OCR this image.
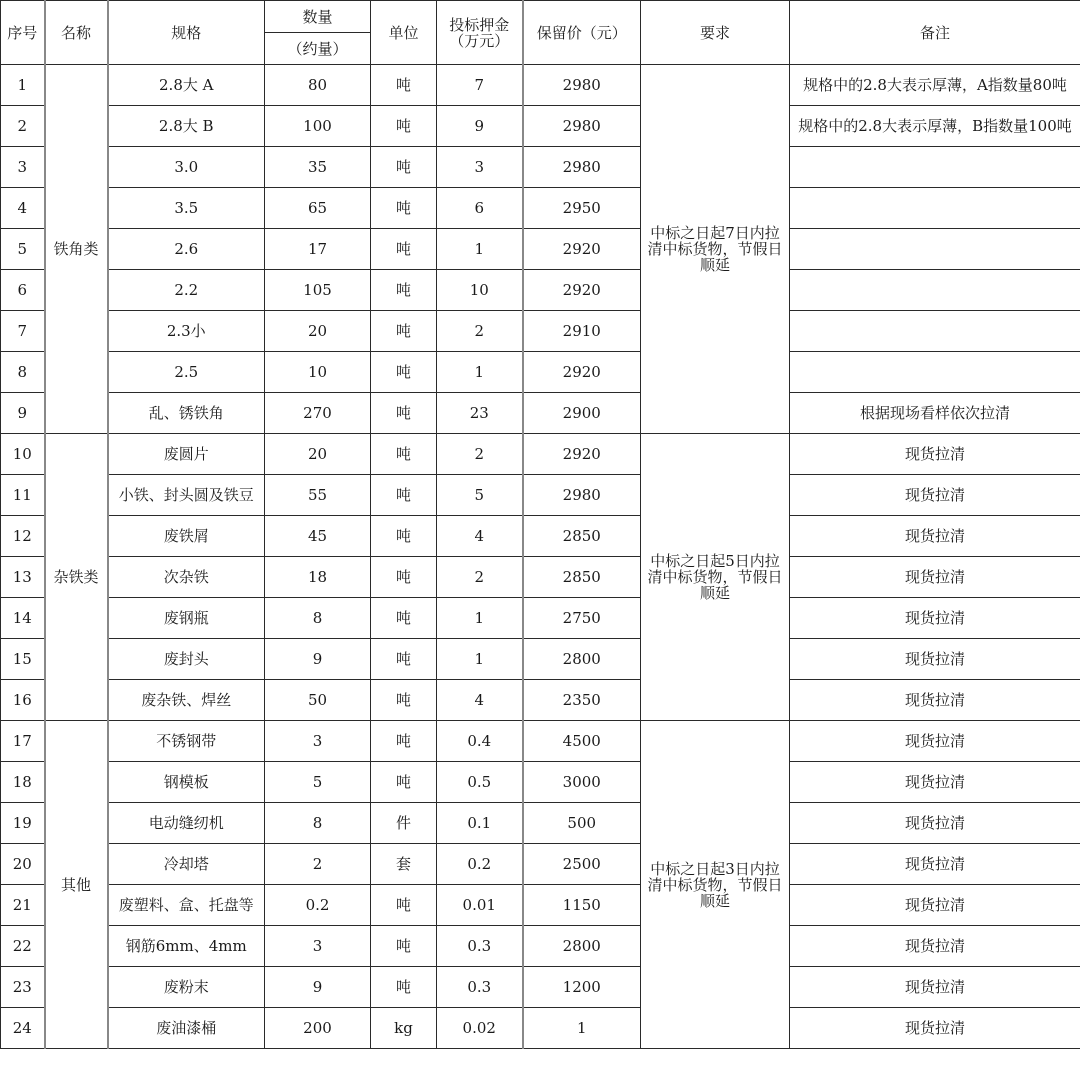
序号	名称	规格	数量	单位	投标押金（万元）	保留价（元）	要求	备注
			（约量）					
1	铁角类	2.8大 A	80	吨	7	2980	中标之日起7日内拉清中标货物，节假日顺延	规格中的2.8大表示厚薄，A指数量80吨
2		2.8大 B	100	吨	9	2980		规格中的2.8大表示厚薄，B指数量100吨
3		3.0	35	吨	3	2980		
4		3.5	65	吨	6	2950		
5		2.6	17	吨	1	2920		
6		2.2	105	吨	10	2920		
7		2.3小	20	吨	2	2910		
8		2.5	10	吨	1	2920		
9		乱、锈铁角	270	吨	23	2900		根据现场看样依次拉清
10	杂铁类	废圆片	20	吨	2	2920	中标之日起5日内拉清中标货物，节假日顺延	现货拉清
11		小铁、封头圆及铁豆	55	吨	5	2980		现货拉清
12		废铁屑	45	吨	4	2850		现货拉清
13		次杂铁	18	吨	2	2850		现货拉清
14		废钢瓶	8	吨	1	2750		现货拉清
15		废封头	9	吨	1	2800		现货拉清
16		废杂铁、焊丝	50	吨	4	2350		现货拉清
17	其他	不锈钢带	3	吨	0.4	4500	中标之日起3日内拉清中标货物，节假日顺延	现货拉清
18		钢模板	5	吨	0.5	3000		现货拉清
19		电动缝纫机	8	件	0.1	500		现货拉清
20		冷却塔	2	套	0.2	2500		现货拉清
21		废塑料、盒、托盘等	0.2	吨	0.01	1150		现货拉清
22		钢筋6mm、4mm	3	吨	0.3	2800		现货拉清
23		废粉末	9	吨	0.3	1200		现货拉清
24		废油漆桶	200	kg	0.02	1		现货拉清
